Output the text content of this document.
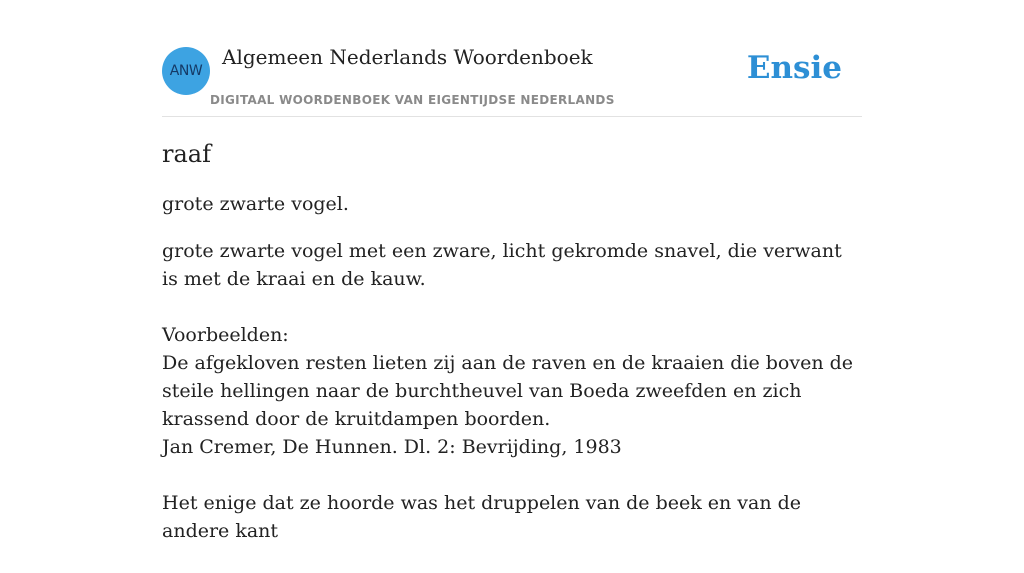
ANW
Algemeen Nederlands Woordenboek
DIGITAAL WOORDENBOEK VAN EIGENTIJDSE NEDERLANDS
Ensie
raaf

grote zwarte vogel.

grote zwarte vogel met een zware, licht gekromde snavel, die verwant is met de kraai en de kauw.

Voorbeelden:

De afgekloven resten lieten zij aan de raven en de kraaien die boven de steile hellingen naar de burchtheuvel van Boeda zweefden en zich krassend door de kruitdampen boorden.

Jan Cremer, De Hunnen. Dl. 2: Bevrijding, 1983

Het enige dat ze hoorde was het druppelen van de beek en van de andere kant
